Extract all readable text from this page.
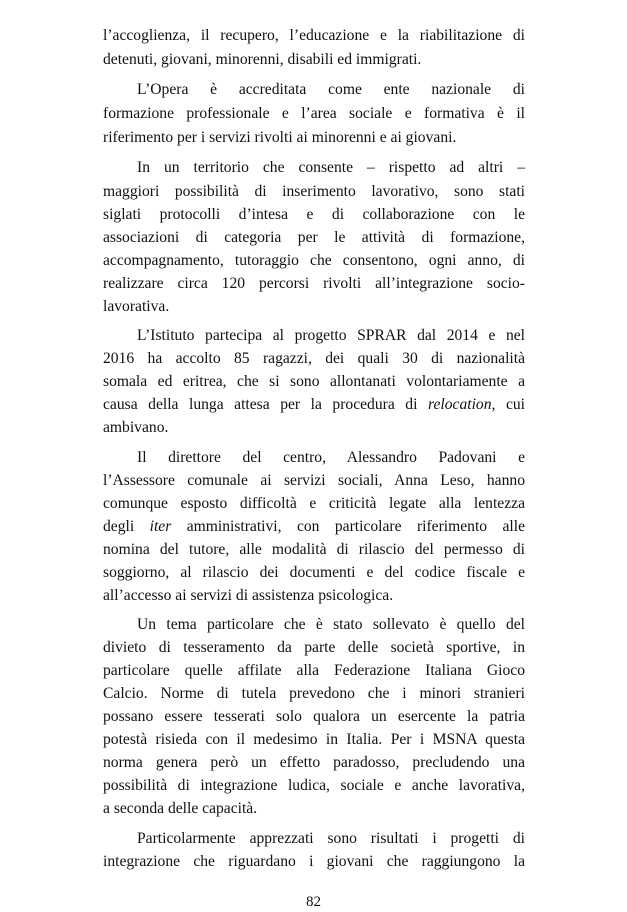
l’accoglienza, il recupero, l’educazione e la riabilitazione di
detenuti, giovani, minorenni, disabili ed immigrati.
L’Opera è accreditata come ente nazionale di
formazione professionale e l’area sociale e formativa è il
riferimento per i servizi rivolti ai minorenni e ai giovani.
In un territorio che consente – rispetto ad altri –
maggiori possibilità di inserimento lavorativo, sono stati
siglati protocolli d’intesa e di collaborazione con le
associazioni di categoria per le attività di formazione,
accompagnamento, tutoraggio che consentono, ogni anno, di
realizzare circa 120 percorsi rivolti all’integrazione socio-
lavorativa.
L’Istituto partecipa al progetto SPRAR dal 2014 e nel
2016 ha accolto 85 ragazzi, dei quali 30 di nazionalità
somala ed eritrea, che si sono allontanati volontariamente a
causa della lunga attesa per la procedura di relocation, cui
ambivano.
Il direttore del centro, Alessandro Padovani e
l’Assessore comunale ai servizi sociali, Anna Leso, hanno
comunque esposto difficoltà e criticità legate alla lentezza
degli iter amministrativi, con particolare riferimento alle
nomina del tutore, alle modalità di rilascio del permesso di
soggiorno, al rilascio dei documenti e del codice fiscale e
all’accesso ai servizi di assistenza psicologica.
Un tema particolare che è stato sollevato è quello del
divieto di tesseramento da parte delle società sportive, in
particolare quelle affilate alla Federazione Italiana Gioco
Calcio. Norme di tutela prevedono che i minori stranieri
possano essere tesserati solo qualora un esercente la patria
potestà risieda con il medesimo in Italia. Per i MSNA questa
norma genera però un effetto paradosso, precludendo una
possibilità di integrazione ludica, sociale e anche lavorativa,
a seconda delle capacità.
Particolarmente apprezzati sono risultati i progetti di
integrazione che riguardano i giovani che raggiungono la
82
